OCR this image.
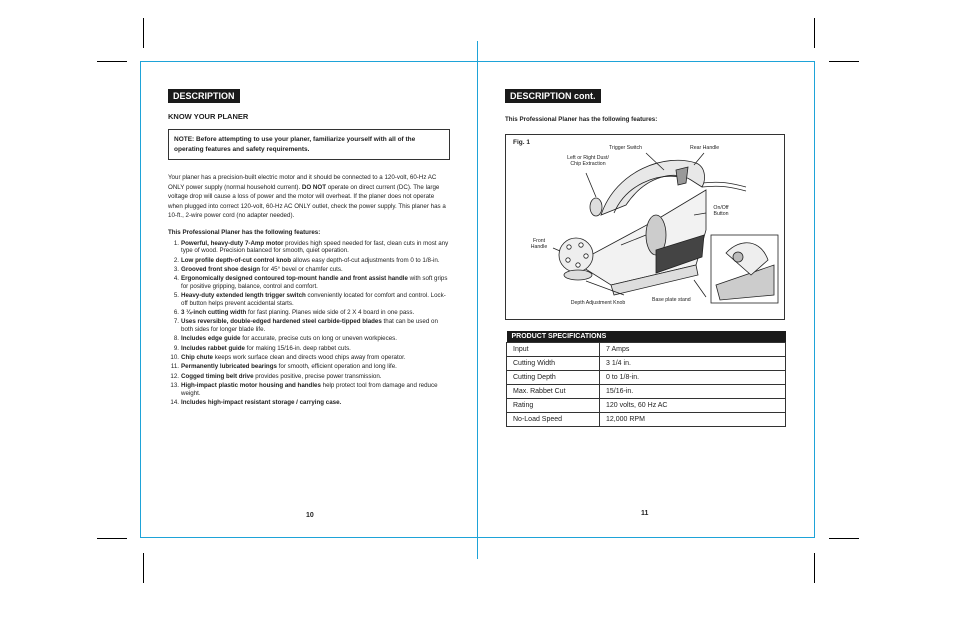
DESCRIPTION
KNOW YOUR PLANER
NOTE: Before attempting to use your planer, familiarize yourself with all of the operating features and safety requirements.
Your planer has a precision-built electric motor and it should be connected to a 120-volt, 60-Hz AC ONLY power supply (normal household current). DO NOT operate on direct current (DC). The large voltage drop will cause a loss of power and the motor will overheat. If the planer does not operate when plugged into correct 120-volt, 60-Hz AC ONLY outlet, check the power supply. This planer has a 10-ft., 2-wire power cord (no adapter needed).
This Professional Planer has the following features:
1. Powerful, heavy-duty 7-Amp motor provides high speed needed for fast, clean cuts in most any type of wood. Precision balanced for smooth, quiet operation.
2. Low profile depth-of-cut control knob allows easy depth-of-cut adjustments from 0 to 1/8-in.
3. Grooved front shoe design for 45° bevel or chamfer cuts.
4. Ergonomically designed contoured top-mount handle and front assist handle with soft grips for positive gripping, balance, control and comfort.
5. Heavy-duty extended length trigger switch conveniently located for comfort and control. Lock-off button helps prevent accidental starts.
6. 3 ¼-inch cutting width for fast planing. Planes wide side of 2 X 4 board in one pass.
7. Uses reversible, double-edged hardened steel carbide-tipped blades that can be used on both sides for longer blade life.
8. Includes edge guide for accurate, precise cuts on long or uneven workpieces.
9. Includes rabbet guide for making 15/16-in. deep rabbet cuts.
10. Chip chute keeps work surface clean and directs wood chips away from operator.
11. Permanently lubricated bearings for smooth, efficient operation and long life.
12. Cogged timing belt drive provides positive, precise power transmission.
13. High-impact plastic motor housing and handles help protect tool from damage and reduce weight.
14. Includes high-impact resistant storage / carrying case.
10
DESCRIPTION cont.
This Professional Planer has the following features:
Fig. 1
Trigger Switch	Rear Handle
Left or Right Dust/ Chip Extraction
On/Off Button
Front Handle
Depth Adjustment Knob	Base plate stand
PRODUCT SPECIFICATIONS	
Input	7 Amps
Cutting Width	3 1/4 in.
Cutting Depth	0 to 1/8-in.
Max. Rabbet Cut	15/16-in.
Rating	120 volts, 60 Hz AC
No-Load Speed	12,000 RPM
11
